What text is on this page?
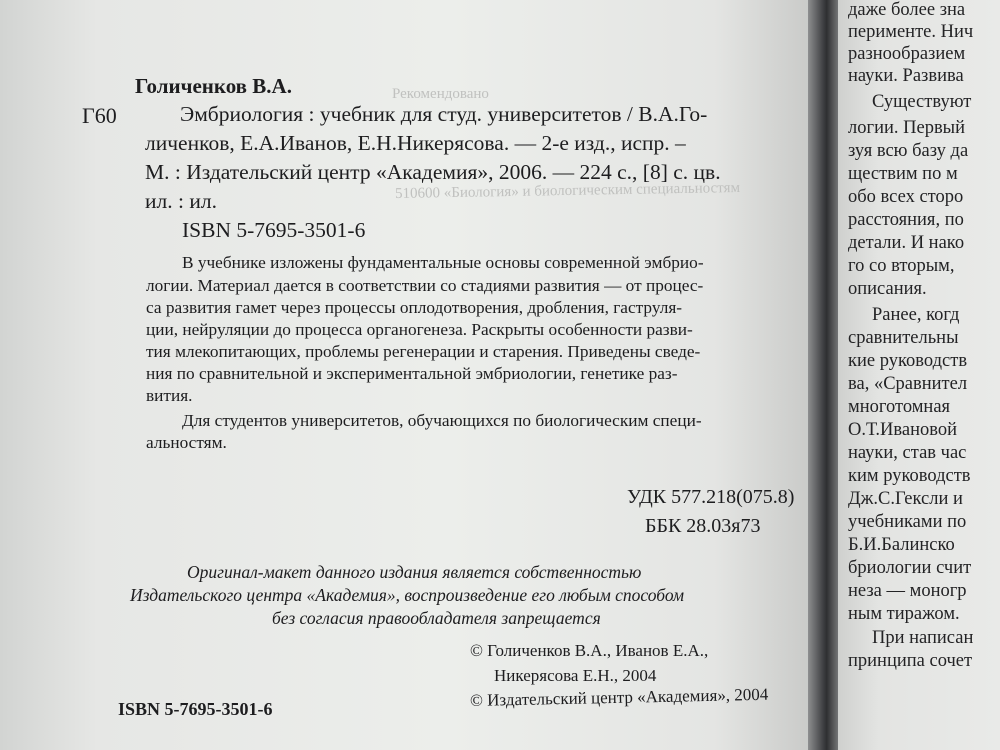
Рекомендовано
510600 «Биология» и биологическим специальностям
Голиченков В.А.
Г60	Эмбриология : учебник для студ. университетов / В.А.Го-
личенков, Е.А.Иванов, Е.Н.Никерясова. — 2-е изд., испр. –
М. : Издательский центр «Академия», 2006. — 224 с., [8] с. цв.
ил. : ил.
ISBN 5-7695-3501-6
В учебнике изложены фундаментальные основы современной эмбрио-
логии. Материал дается в соответствии со стадиями развития — от процес-
са развития гамет через процессы оплодотворения, дробления, гаструля-
ции, нейруляции до процесса органогенеза. Раскрыты особенности разви-
тия млекопитающих, проблемы регенерации и старения. Приведены сведе-
ния по сравнительной и экспериментальной эмбриологии, генетике раз-
вития.
Для студентов университетов, обучающихся по биологическим специ-
альностям.
УДК 577.218(075.8)
ББК 28.03я73
Оригинал-макет данного издания является собственностью
Издательского центра «Академия», воспроизведение его любым способом
без согласия правообладателя запрещается
© Голиченков В.А., Иванов Е.А.,
Никерясова Е.Н., 2004
© Издательский центр «Академия», 2004
ISBN 5-7695-3501-6
даже более зна
перименте. Нич
разнообразием
науки. Развива
Существуют
логии. Первый
зуя всю базу да
ществим по м
обо всех сторо
расстояния, по
детали. И нако
го со вторым,
описания.
Ранее, когд
сравнительны
кие руководств
ва, «Сравнител
многотомная
О.Т.Ивановой
науки, став час
ким руководств
Дж.С.Гексли и
учебниками по
Б.И.Балинско
бриологии счит
неза — моногр
ным тиражом.
При написан
принципа сочет
